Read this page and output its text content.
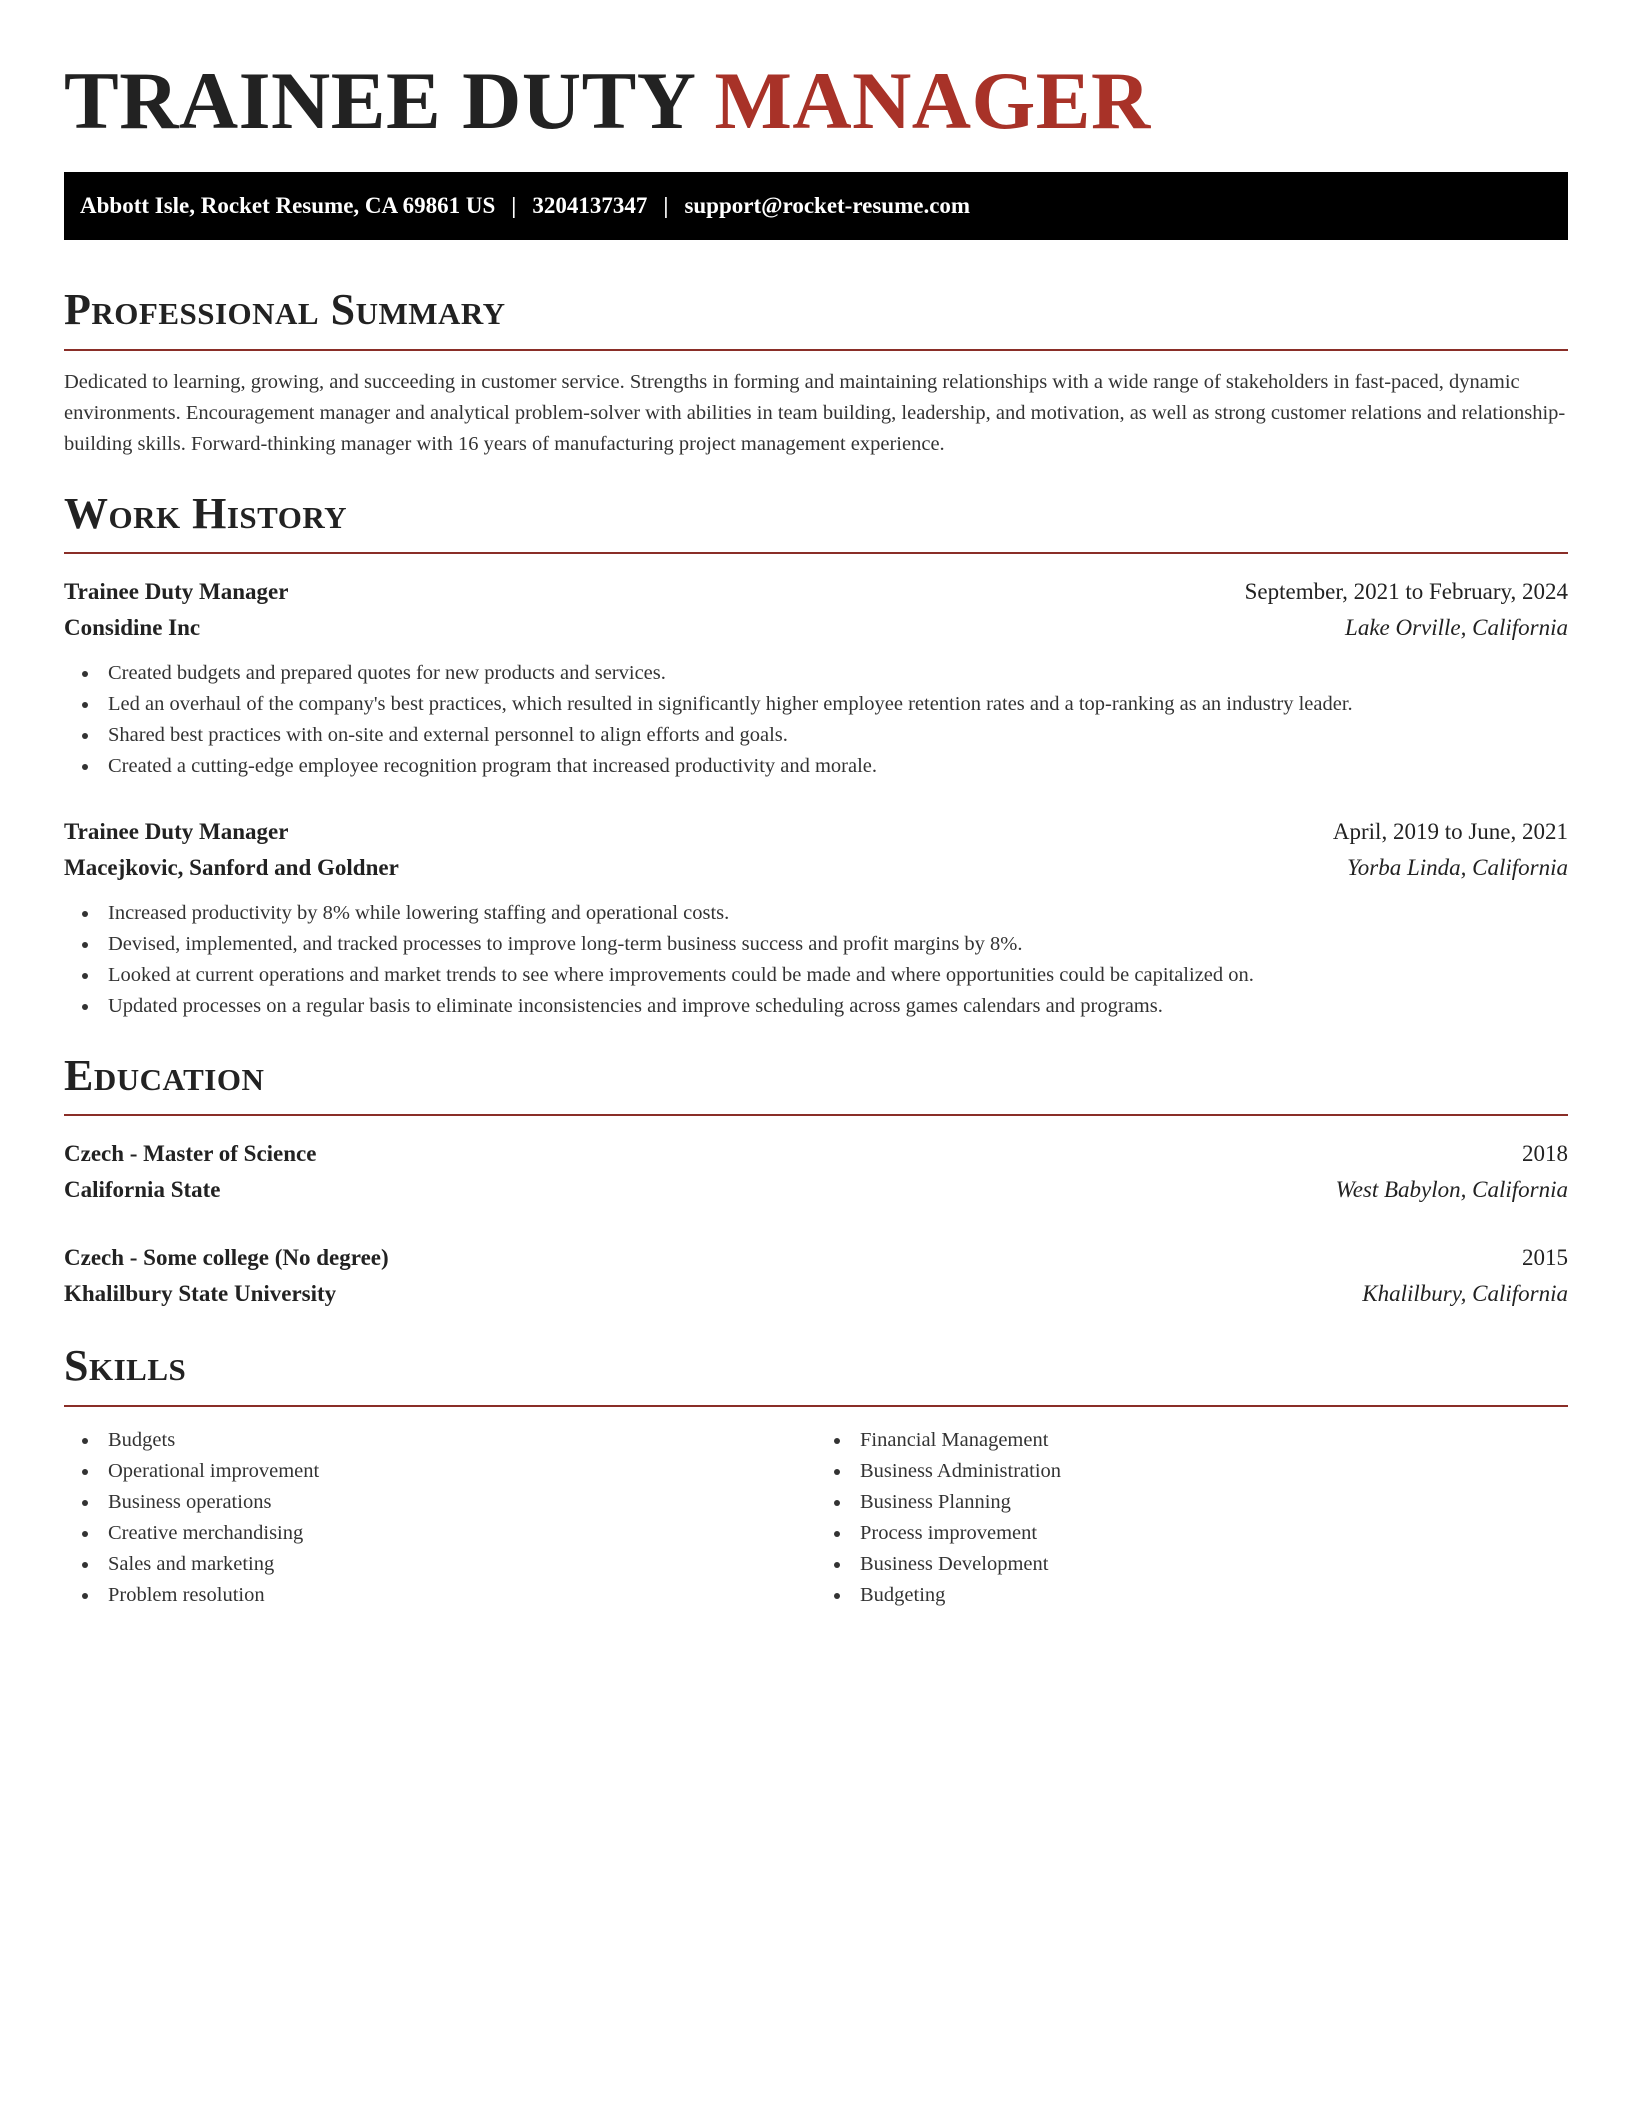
TRAINEE DUTY MANAGER
Abbott Isle, Rocket Resume, CA 69861 US | 3204137347 | support@rocket-resume.com
Professional Summary

Dedicated to learning, growing, and succeeding in customer service. Strengths in forming and maintaining relationships with a wide range of stakeholders in fast-paced, dynamic environments. Encouragement manager and analytical problem-solver with abilities in team building, leadership, and motivation, as well as strong customer relations and relationship-building skills. Forward-thinking manager with 16 years of manufacturing project management experience.

Work History
Trainee Duty Manager	September, 2021 to February, 2024
Considine Inc	Lake Orville, California
Created budgets and prepared quotes for new products and services.
Led an overhaul of the company's best practices, which resulted in significantly higher employee retention rates and a top-ranking as an industry leader.
Shared best practices with on-site and external personnel to align efforts and goals.
Created a cutting-edge employee recognition program that increased productivity and morale.
Trainee Duty Manager	April, 2019 to June, 2021
Macejkovic, Sanford and Goldner	Yorba Linda, California
Increased productivity by 8% while lowering staffing and operational costs.
Devised, implemented, and tracked processes to improve long-term business success and profit margins by 8%.
Looked at current operations and market trends to see where improvements could be made and where opportunities could be capitalized on.
Updated processes on a regular basis to eliminate inconsistencies and improve scheduling across games calendars and programs.
Education
Czech - Master of Science	2018
California State	West Babylon, California
Czech - Some college (No degree)	2015
Khalilbury State University	Khalilbury, California
Skills
Budgets
Operational improvement
Business operations
Creative merchandising
Sales and marketing
Problem resolution
Financial Management
Business Administration
Business Planning
Process improvement
Business Development
Budgeting
